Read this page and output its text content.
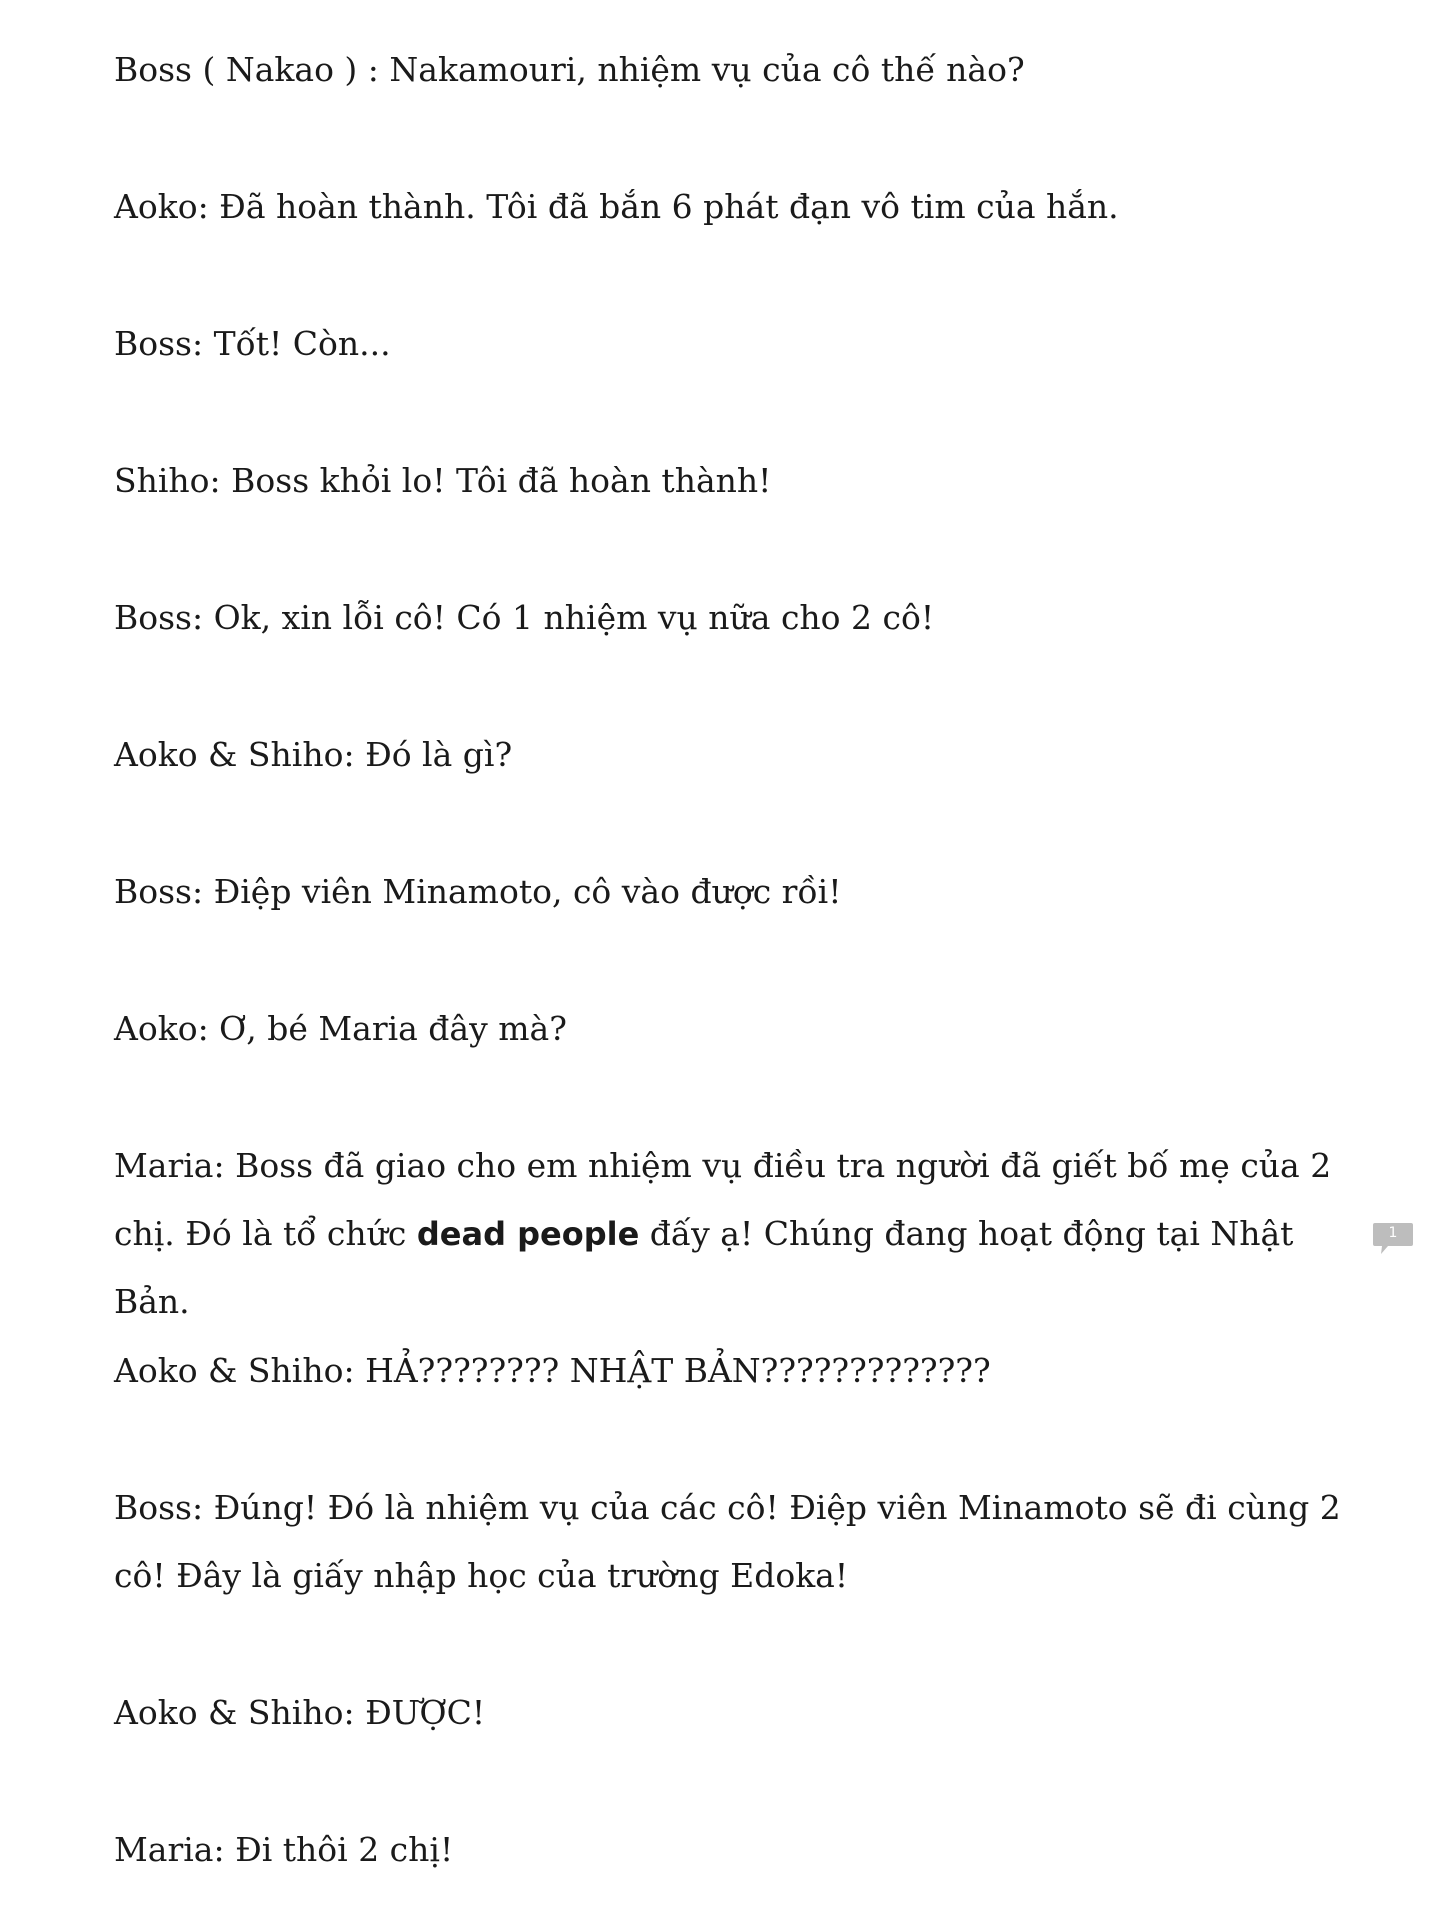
Boss ( Nakao ) : Nakamouri, nhiệm vụ của cô thế nào?

Aoko: Đã hoàn thành. Tôi đã bắn 6 phát đạn vô tim của hắn.

Boss: Tốt! Còn...

Shiho: Boss khỏi lo! Tôi đã hoàn thành!

Boss: Ok, xin lỗi cô! Có 1 nhiệm vụ nữa cho 2 cô!

Aoko & Shiho: Đó là gì?

Boss: Điệp viên Minamoto, cô vào được rồi!

Aoko: Ơ, bé Maria đây mà?

Maria: Boss đã giao cho em nhiệm vụ điều tra người đã giết bố mẹ của 2 chị. Đó là tổ chức dead people đấy ạ! Chúng đang hoạt động tại Nhật Bản.

Aoko & Shiho: HẢ???????? NHẬT BẢN?????????????

Boss: Đúng! Đó là nhiệm vụ của các cô! Điệp viên Minamoto sẽ đi cùng 2 cô! Đây là giấy nhập học của trường Edoka!

Aoko & Shiho: ĐƯỢC!

Maria: Đi thôi 2 chị!

1
